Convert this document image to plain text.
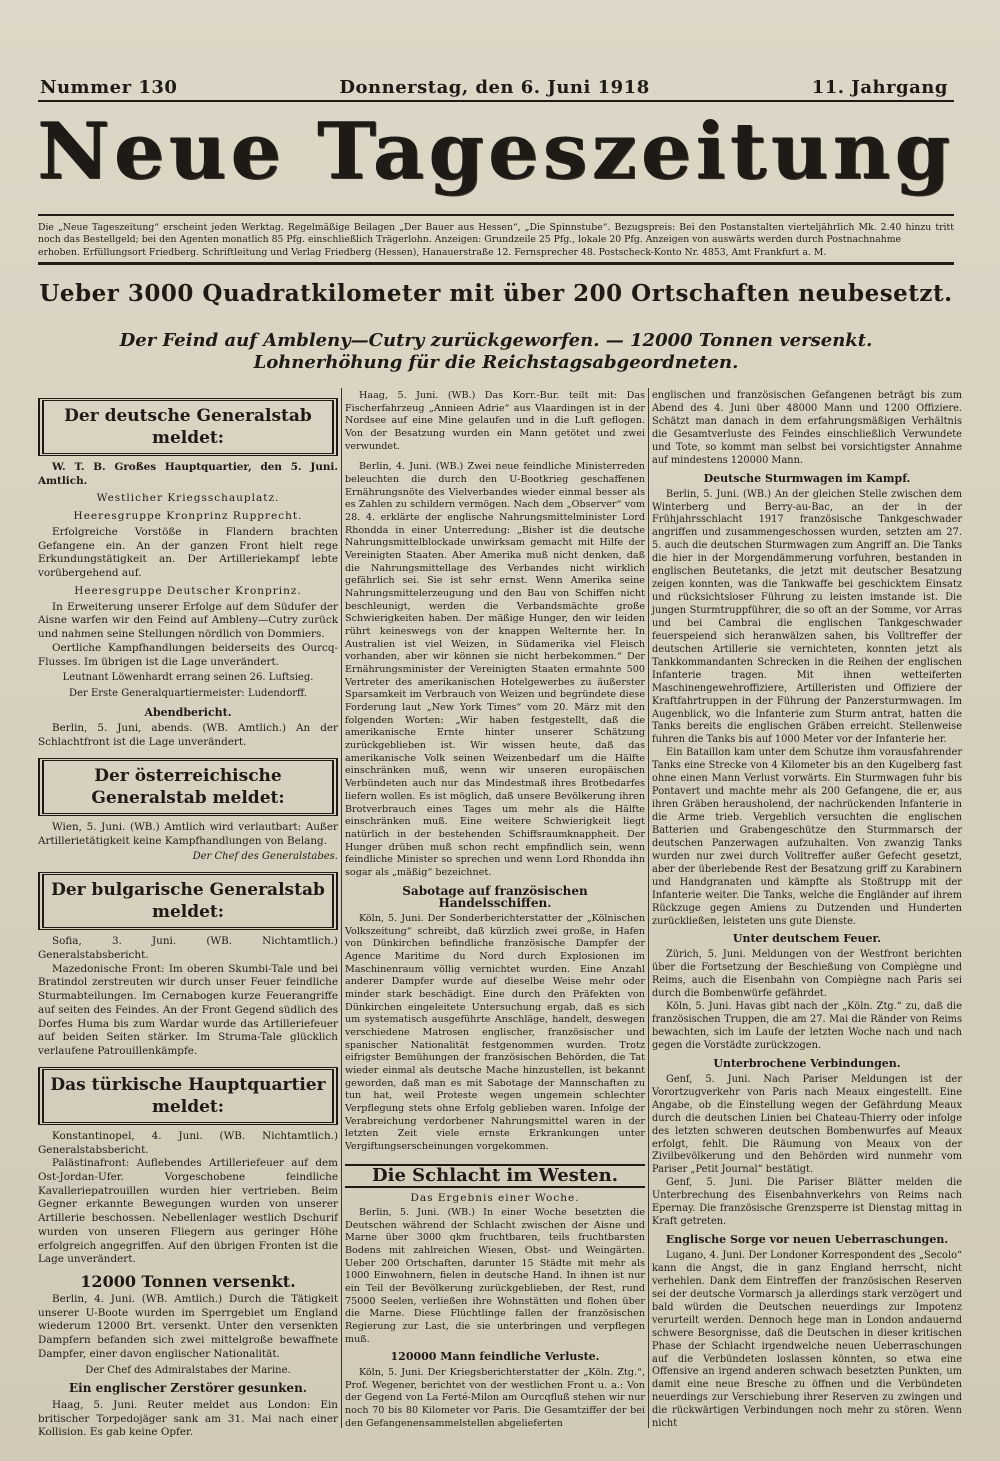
Nummer 130	Donnerstag, den 6. Juni 1918	11. Jahrgang
Neue Tageszeitung

Die „Neue Tageszeitung“ erscheint jeden Werktag. Regelmäßige Beilagen „Der Bauer aus Hessen“, „Die Spinnstube“. Bezugspreis: Bei den Postanstalten vierteljährlich Mk. 2.40 hinzu tritt noch das Bestellgeld; bei den Agenten monatlich 85 Pfg. einschließlich Trägerlohn. Anzeigen: Grundzeile 25 Pfg., lokale 20 Pfg. Anzeigen von auswärts werden durch Postnachnahme

erhoben. Erfüllungsort Friedberg. Schriftleitung und Verlag Friedberg (Hessen), Hanauerstraße 12. Fernsprecher 48. Postscheck-Konto Nr. 4853, Amt Frankfurt a. M.

Ueber 3000 Quadratkilometer mit über 200 Ortschaften neubesetzt.
Der Feind auf Ambleny—Cutry zurückgeworfen. — 12000 Tonnen versenkt.
Lohnerhöhung für die Reichstagsabgeordneten.
Der deutsche Generalstab meldet:

W. T. B. Großes Hauptquartier, den 5. Juni. Amtlich.

Westlicher Kriegsschauplatz.
Heeresgruppe Kronprinz Rupprecht.

Erfolgreiche Vorstöße in Flandern brachten Gefangene ein. An der ganzen Front hielt rege Erkundungstätigkeit an. Der Artilleriekampf lebte vorübergehend auf.

Heeresgruppe Deutscher Kronprinz.

In Erweiterung unserer Erfolge auf dem Südufer der Aisne warfen wir den Feind auf Ambleny—Cutry zurück und nahmen seine Stellungen nördlich von Dommiers.

Oertliche Kampfhandlungen beiderseits des Ourcq-Flusses. Im übrigen ist die Lage unverändert.

Leutnant Löwenhardt errang seinen 26. Luftsieg.
Der Erste Generalquartiermeister: Ludendorff.
Abendbericht.

Berlin, 5. Juni, abends. (WB. Amtlich.) An der Schlachtfront ist die Lage unverändert.

Der österreichische Generalstab meldet:

Wien, 5. Juni. (WB.) Amtlich wird verlautbart: Außer Artillerietätigkeit keine Kampfhandlungen von Belang.

Der Chef des Generalstabes.
Der bulgarische Generalstab meldet:

Sofia, 3. Juni. (WB. Nichtamtlich.) Generalstabsbericht.

Mazedonische Front: Im oberen Skumbi-Tale und bei Bratindol zerstreuten wir durch unser Feuer feindliche Sturmabteilungen. Im Cernabogen kurze Feuerangriffe auf seiten des Feindes. An der Front Gegend südlich des Dorfes Huma bis zum Wardar wurde das Artilleriefeuer auf beiden Seiten stärker. Im Struma-Tale glücklich verlaufene Patrouillenkämpfe.

Das türkische Hauptquartier meldet:

Konstantinopel, 4. Juni. (WB. Nichtamtlich.) Generalstabsbericht.

Palästinafront: Auflebendes Artilleriefeuer auf dem Ost-Jordan-Ufer. Vorgeschobene feindliche Kavalleriepatrouillen wurden hier vertrieben. Beim Gegner erkannte Bewegungen wurden von unserer Artillerie beschossen. Nebellenlager westlich Dschurif wurden von unseren Fliegern aus geringer Höhe erfolgreich angegriffen. Auf den übrigen Fronten ist die Lage unverändert.

12000 Tonnen versenkt.

Berlin, 4. Juni. (WB. Amtlich.) Durch die Tätigkeit unserer U-Boote wurden im Sperrgebiet um England wiederum 12000 Brt. versenkt. Unter den versenkten Dampfern befanden sich zwei mittelgroße bewaffnete Dampfer, einer davon englischer Nationalität.

Der Chef des Admiralstabes der Marine.
Ein englischer Zerstörer gesunken.

Haag, 5. Juni. Reuter meldet aus London: Ein britischer Torpedojäger sank am 31. Mai nach einer Kollision. Es gab keine Opfer.

Haag, 5. Juni. (WB.) Das Korr.-Bur. teilt mit: Das Fischerfahrzeug „Annieen Adrie“ aus Vlaardingen ist in der Nordsee auf eine Mine gelaufen und in die Luft geflogen. Von der Besatzung wurden ein Mann getötet und zwei verwundet.

Berlin, 4. Juni. (WB.) Zwei neue feindliche Ministerreden beleuchten die durch den U-Bootkrieg geschaffenen Ernährungsnöte des Vielverbandes wieder einmal besser als es Zahlen zu schildern vermögen. Nach dem „Observer“ vom 28. 4. erklärte der englische Nahrungsmittelminister Lord Rhondda in einer Unterredung: „Bisher ist die deutsche Nahrungsmittelblockade unwirksam gemacht mit Hilfe der Vereinigten Staaten. Aber Amerika muß nicht denken, daß die Nahrungsmittellage des Verbandes nicht wirklich gefährlich sei. Sie ist sehr ernst. Wenn Amerika seine Nahrungsmittelerzeugung und den Bau von Schiffen nicht beschleunigt, werden die Verbandsmächte große Schwierigkeiten haben. Der mäßige Hunger, den wir leiden rührt keineswegs von der knappen Welternte her. In Australien ist viel Weizen, in Südamerika viel Fleisch vorhanden, aber wir können sie nicht herbekommen.“ Der Ernährungsminister der Vereinigten Staaten ermahnte 500 Vertreter des amerikanischen Hotelgewerbes zu äußerster Sparsamkeit im Verbrauch von Weizen und begründete diese Forderung laut „New York Times“ vom 20. März mit den folgenden Worten: „Wir haben festgestellt, daß die amerikanische Ernte hinter unserer Schätzung zurückgeblieben ist. Wir wissen heute, daß das amerikanische Volk seinen Weizenbedarf um die Hälfte einschränken muß, wenn wir unseren europäischen Verbündeten auch nur das Mindestmaß ihres Brotbedarfes liefern wollen. Es ist möglich, daß unsere Bevölkerung ihren Brotverbrauch eines Tages um mehr als die Hälfte einschränken muß. Eine weitere Schwierigkeit liegt natürlich in der bestehenden Schiffsraumknappheit. Der Hunger drüben muß schon recht empfindlich sein, wenn feindliche Minister so sprechen und wenn Lord Rhondda ihn sogar als „mäßig“ bezeichnet.

Sabotage auf französischen Handelsschiffen.

Köln, 5. Juni. Der Sonderberichterstatter der „Kölnischen Volkszeitung“ schreibt, daß kürzlich zwei große, in Hafen von Dünkirchen befindliche französische Dampfer der Agence Maritime du Nord durch Explosionen im Maschinenraum völlig vernichtet wurden. Eine Anzahl anderer Dampfer wurde auf dieselbe Weise mehr oder minder stark beschädigt. Eine durch den Präfekten von Dünkirchen eingeleitete Untersuchung ergab, daß es sich um systematisch ausgeführte Anschläge, handelt, deswegen verschiedene Matrosen englischer, französischer und spanischer Nationalität festgenommen wurden. Trotz eifrigster Bemühungen der französischen Behörden, die Tat wieder einmal als deutsche Mache hinzustellen, ist bekannt geworden, daß man es mit Sabotage der Mannschaften zu tun hat, weil Proteste wegen ungemein schlechter Verpflegung stets ohne Erfolg geblieben waren. Infolge der Verabreichung verdorbener Nahrungsmittel waren in der letzten Zeit viele ernste Erkrankungen unter Vergiftungserscheinungen vorgekommen.

Die Schlacht im Westen.
Das Ergebnis einer Woche.

Berlin, 5. Juni. (WB.) In einer Woche besetzten die Deutschen während der Schlacht zwischen der Aisne und Marne über 3000 qkm fruchtbaren, teils fruchtbarsten Bodens mit zahlreichen Wiesen, Obst- und Weingärten. Ueber 200 Ortschaften, darunter 15 Städte mit mehr als 1000 Einwohnern, fielen in deutsche Hand. In ihnen ist nur ein Teil der Bevölkerung zurückgeblieben, der Rest, rund 75000 Seelen, verließen ihre Wohnstätten und flohen über die Marne. Diese Flüchtlinge fallen der französischen Regierung zur Last, die sie unterbringen und verpflegen muß.

120000 Mann feindliche Verluste.

Köln, 5. Juni. Der Kriegsberichterstatter der „Köln. Ztg.“, Prof. Wegener, berichtet von der westlichen Front u. a.: Von der Gegend von La Ferté-Milon am Ourcqfluß stehen wir nur noch 70 bis 80 Kilometer vor Paris. Die Gesamtziffer der bei den Gefangenensammelstellen abgelieferten

englischen und französischen Gefangenen beträgt bis zum Abend des 4. Juni über 48000 Mann und 1200 Offiziere. Schätzt man danach in dem erfahrungsmäßigen Verhältnis die Gesamtverluste des Feindes einschließlich Verwundete und Tote, so kommt man selbst bei vorsichtigster Annahme auf mindestens 120000 Mann.

Deutsche Sturmwagen im Kampf.

Berlin, 5. Juni. (WB.) An der gleichen Stelle zwischen dem Winterberg und Berry-au-Bac, an der in der Frühjahrsschlacht 1917 französische Tankgeschwader angriffen und zusammengeschossen wurden, setzten am 27. 5. auch die deutschen Sturmwagen zum Angriff an. Die Tanks die hier in der Morgendämmerung vorfuhren, bestanden in englischen Beutetanks, die jetzt mit deutscher Besatzung zeigen konnten, was die Tankwaffe bei geschicktem Einsatz und rücksichtsloser Führung zu leisten imstande ist. Die jungen Sturmtruppführer, die so oft an der Somme, vor Arras und bei Cambrai die englischen Tankgeschwader feuerspeiend sich heranwälzen sahen, bis Volltreffer der deutschen Artillerie sie vernichteten, konnten jetzt als Tankkommandanten Schrecken in die Reihen der englischen Infanterie tragen. Mit ihnen wetteiferten Maschinengewehroffiziere, Artilleristen und Offiziere der Kraftfahrtruppen in der Führung der Panzersturmwagen. Im Augenblick, wo die Infanterie zum Sturm antrat, hatten die Tanks bereits die englischen Gräben erreicht. Stellenweise fuhren die Tanks bis auf 1000 Meter vor der Infanterie her.

Ein Bataillon kam unter dem Schutze ihm vorausfahrender Tanks eine Strecke von 4 Kilometer bis an den Kugelberg fast ohne einen Mann Verlust vorwärts. Ein Sturmwagen fuhr bis Pontavert und machte mehr als 200 Gefangene, die er, aus ihren Gräben herausholend, der nachrückenden Infanterie in die Arme trieb. Vergeblich versuchten die englischen Batterien und Grabengeschütze den Sturmmarsch der deutschen Panzerwagen aufzuhalten. Von zwanzig Tanks wurden nur zwei durch Volltreffer außer Gefecht gesetzt, aber der überlebende Rest der Besatzung griff zu Karabinern und Handgranaten und kämpfte als Stoßtrupp mit der Infanterie weiter. Die Tanks, welche die Engländer auf ihrem Rückzuge gegen Amiens zu Dutzenden und Hunderten zurückließen, leisteten uns gute Dienste.

Unter deutschem Feuer.

Zürich, 5. Juni. Meldungen von der Westfront berichten über die Fortsetzung der Beschießung von Compiègne und Reims, auch die Eisenbahn von Compiègne nach Paris sei durch die Bombenwürfe gefährdet.

Köln, 5. Juni. Havas gibt nach der „Köln. Ztg.“ zu, daß die französischen Truppen, die am 27. Mai die Ränder von Reims bewachten, sich im Laufe der letzten Woche nach und nach gegen die Vorstädte zurückzogen.

Unterbrochene Verbindungen.

Genf, 5. Juni. Nach Pariser Meldungen ist der Vorortzugverkehr von Paris nach Meaux eingestellt. Eine Angabe, ob die Einstellung wegen der Gefährdung Meaux durch die deutschen Linien bei Chateau-Thierry oder infolge des letzten schweren deutschen Bombenwurfes auf Meaux erfolgt, fehlt. Die Räumung von Meaux von der Zivilbevölkerung und den Behörden wird nunmehr vom Pariser „Petit Journal“ bestätigt.

Genf, 5. Juni. Die Pariser Blätter melden die Unterbrechung des Eisenbahnverkehrs von Reims nach Epernay. Die französische Grenzsperre ist Dienstag mittag in Kraft getreten.

Englische Sorge vor neuen Ueberraschungen.

Lugano, 4. Juni. Der Londoner Korrespondent des „Secolo“ kann die Angst, die in ganz England herrscht, nicht verhehlen. Dank dem Eintreffen der französischen Reserven sei der deutsche Vormarsch ja allerdings stark verzögert und bald würden die Deutschen neuerdings zur Impotenz verurteilt werden. Dennoch hege man in London andauernd schwere Besorgnisse, daß die Deutschen in dieser kritischen Phase der Schlacht irgendwelche neuen Ueberraschungen auf die Verbündeten loslassen könnten, so etwa eine Offensive an irgend anderen schwach besetzten Punkten, um damit eine neue Bresche zu öffnen und die Verbündeten neuerdings zur Verschiebung ihrer Reserven zu zwingen und die rückwärtigen Verbindungen noch mehr zu stören. Wenn nicht
